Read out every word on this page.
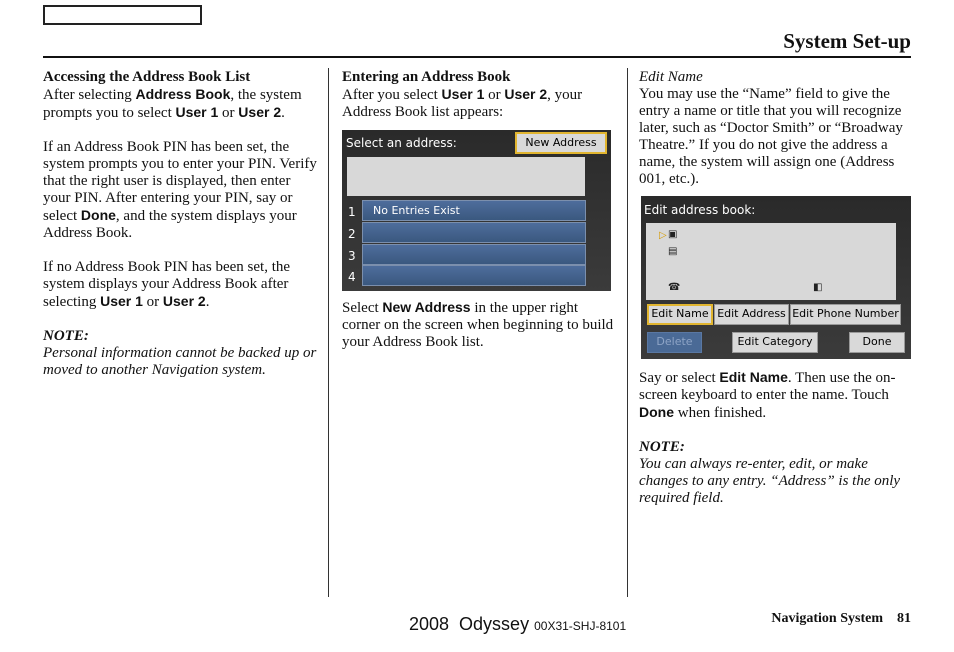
System Set-up

Accessing the Address Book List

After selecting Address Book, the system prompts you to select User 1 or User 2.

If an Address Book PIN has been set, the system prompts you to enter your PIN. Verify that the right user is displayed, then enter your PIN. After entering your PIN, say or select Done, and the system displays your Address Book.

If no Address Book PIN has been set, the system displays your Address Book after selecting User 1 or User 2.

NOTE:

Personal information cannot be backed up or moved to another Navigation system.

Entering an Address Book

After you select User 1 or User 2, your Address Book list appears:

Select an address:	New Address
1	No Entries Exist
2
3
4

Select New Address in the upper right corner on the screen when beginning to build your Address Book list.

Edit Name

You may use the “Name” field to give the entry a name or title that you will recognize later, such as “Doctor Smith” or “Broadway Theatre.” If you do not give the address a name, the system will assign one (Address 001, etc.).

Edit address book:
▷ ▣
▤
☎	◧
Edit Name Edit Address Edit Phone Number
Delete	Edit Category	Done

Say or select Edit Name. Then use the on-screen keyboard to enter the name. Touch Done when finished.

NOTE:

You can always re-enter, edit, or make changes to any entry. “Address” is the only required field.

2008  Odyssey 00X31-SHJ-8101	Navigation System 81
